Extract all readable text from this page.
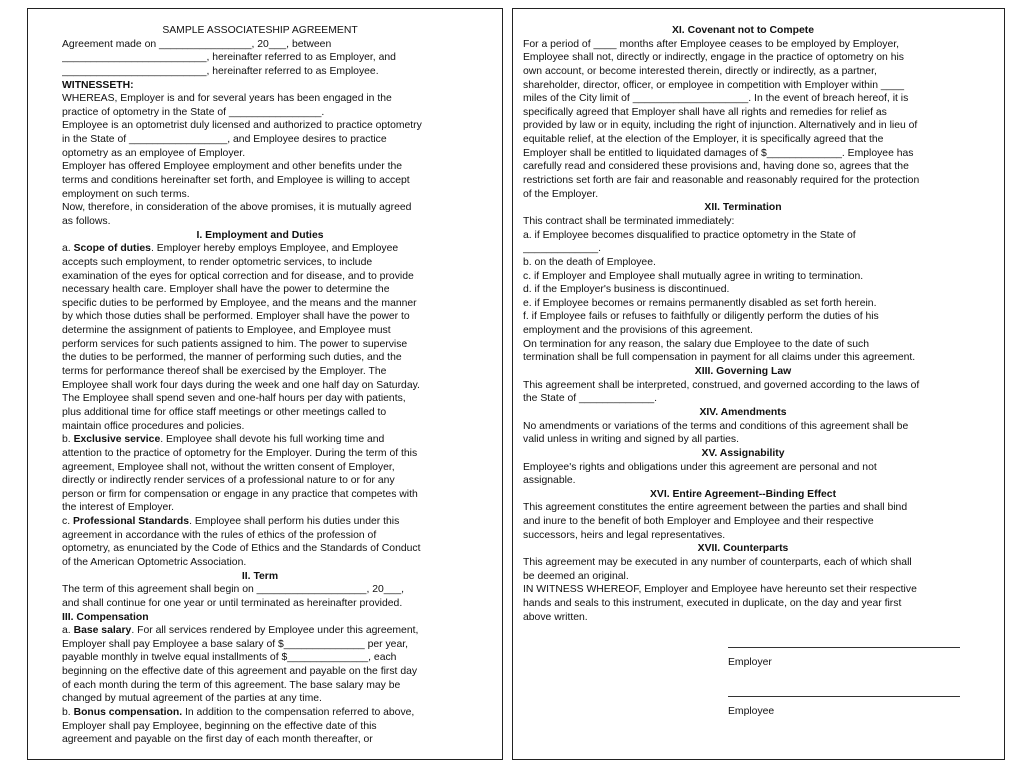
SAMPLE ASSOCIATESHIP AGREEMENT
Agreement made on ________________, 20___, between
_________________________, hereinafter referred to as Employer, and
_________________________, hereinafter referred to as Employee.
WITNESSETH:
WHEREAS, Employer is and for several years has been engaged in the
practice of optometry in the State of ________________.
Employee is an optometrist duly licensed and authorized to practice optometry
in the State of _________________, and Employee desires to practice
optometry as an employee of Employer.
Employer has offered Employee employment and other benefits under the
terms and conditions hereinafter set forth, and Employee is willing to accept
employment on such terms.
Now, therefore, in consideration of the above promises, it is mutually agreed
as follows.
I. Employment and Duties
a. Scope of duties. Employer hereby employs Employee, and Employee
accepts such employment, to render optometric services, to include
examination of the eyes for optical correction and for disease, and to provide
necessary health care. Employer shall have the power to determine the
specific duties to be performed by Employee, and the means and the manner
by which those duties shall be performed. Employer shall have the power to
determine the assignment of patients to Employee, and Employee must
perform services for such patients assigned to him. The power to supervise
the duties to be performed, the manner of performing such duties, and the
terms for performance thereof shall be exercised by the Employer. The
Employee shall work four days during the week and one half day on Saturday.
The Employee shall spend seven and one-half hours per day with patients,
plus additional time for office staff meetings or other meetings called to
maintain office procedures and policies.
b. Exclusive service. Employee shall devote his full working time and
attention to the practice of optometry for the Employer. During the term of this
agreement, Employee shall not, without the written consent of Employer,
directly or indirectly render services of a professional nature to or for any
person or firm for compensation or engage in any practice that competes with
the interest of Employer.
c. Professional Standards. Employee shall perform his duties under this
agreement in accordance with the rules of ethics of the profession of
optometry, as enunciated by the Code of Ethics and the Standards of Conduct
of the American Optometric Association.
II. Term
The term of this agreement shall begin on ___________________, 20___,
and shall continue for one year or until terminated as hereinafter provided.
III. Compensation
a. Base salary. For all services rendered by Employee under this agreement,
Employer shall pay Employee a base salary of $______________ per year,
payable monthly in twelve equal installments of $______________, each
beginning on the effective date of this agreement and payable on the first day
of each month during the term of this agreement. The base salary may be
changed by mutual agreement of the parties at any time.
b. Bonus compensation. In addition to the compensation referred to above,
Employer shall pay Employee, beginning on the effective date of this
agreement and payable on the first day of each month thereafter, or
XI. Covenant not to Compete
For a period of ____ months after Employee ceases to be employed by Employer,
Employee shall not, directly or indirectly, engage in the practice of optometry on his
own account, or become interested therein, directly or indirectly, as a partner,
shareholder, director, officer, or employee in competition with Employer within ____
miles of the City limit of ____________________. In the event of breach hereof, it is
specifically agreed that Employer shall have all rights and remedies for relief as
provided by law or in equity, including the right of injunction. Alternatively and in lieu of
equitable relief, at the election of the Employer, it is specifically agreed that the
Employer shall be entitled to liquidated damages of $_____________. Employee has
carefully read and considered these provisions and, having done so, agrees that the
restrictions set forth are fair and reasonable and reasonably required for the protection
of the Employer.
XII. Termination
This contract shall be terminated immediately:
a. if Employee becomes disqualified to practice optometry in the State of
_____________.
b. on the death of Employee.
c. if Employer and Employee shall mutually agree in writing to termination.
d. if the Employer's business is discontinued.
e. if Employee becomes or remains permanently disabled as set forth herein.
f. if Employee fails or refuses to faithfully or diligently perform the duties of his
employment and the provisions of this agreement.
On termination for any reason, the salary due Employee to the date of such
termination shall be full compensation in payment for all claims under this agreement.
XIII. Governing Law
This agreement shall be interpreted, construed, and governed according to the laws of
the State of _____________.
XIV. Amendments
No amendments or variations of the terms and conditions of this agreement shall be
valid unless in writing and signed by all parties.
XV. Assignability
Employee's rights and obligations under this agreement are personal and not
assignable.
XVI. Entire Agreement--Binding Effect
This agreement constitutes the entire agreement between the parties and shall bind
and inure to the benefit of both Employer and Employee and their respective
successors, heirs and legal representatives.
XVII. Counterparts
This agreement may be executed in any number of counterparts, each of which shall
be deemed an original.
IN WITNESS WHEREOF, Employer and Employee have hereunto set their respective
hands and seals to this instrument, executed in duplicate, on the day and year first
above written.
Employer
Employee
